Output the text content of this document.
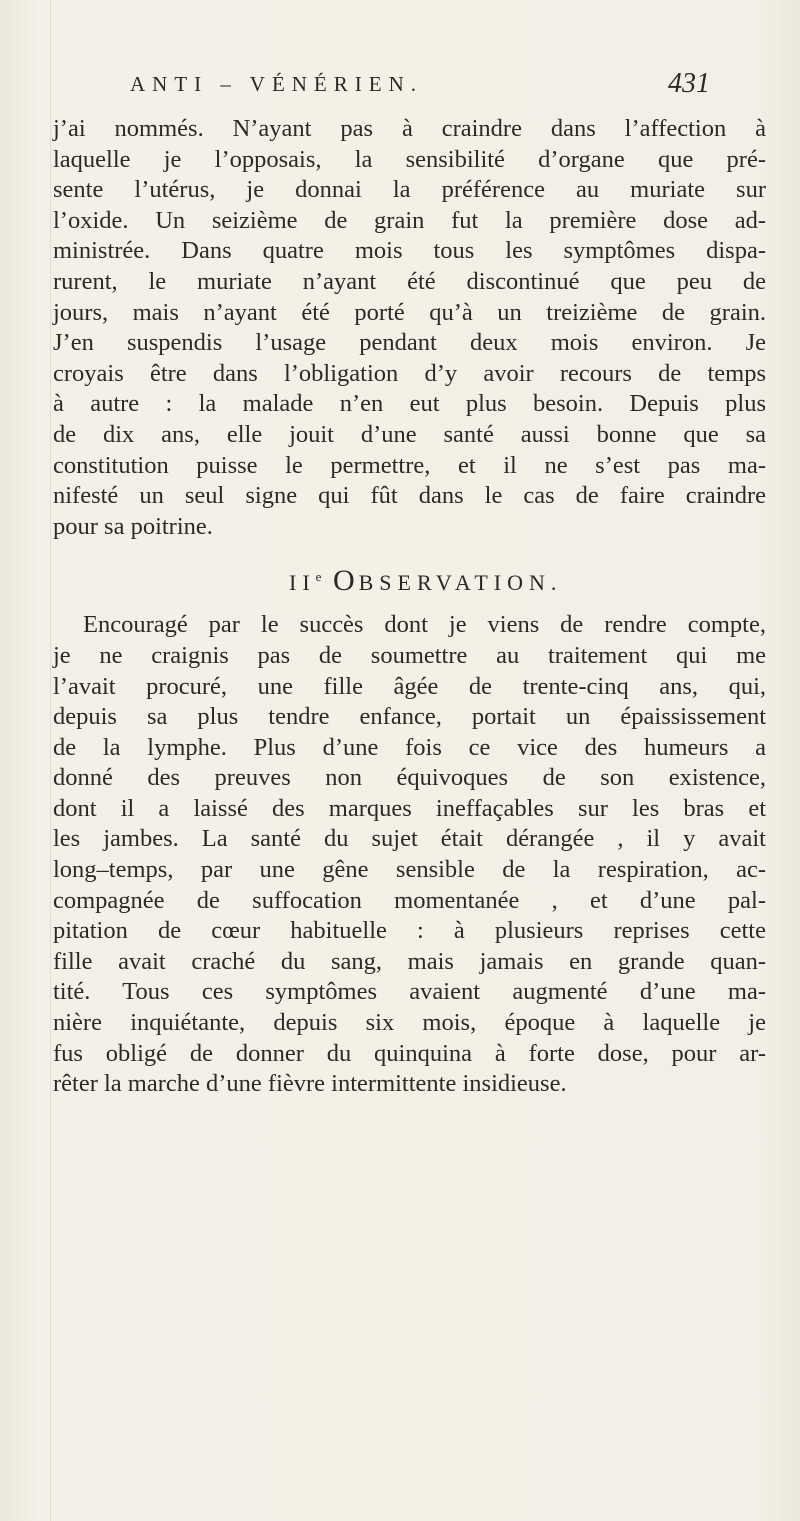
ANTI – VÉNÉRIEN.	431
j’ai nommés. N’ayant pas à craindre dans l’affection à
laquelle je l’opposais, la sensibilité d’organe que pré-
sente l’utérus, je donnai la préférence au muriate sur
l’oxide. Un seizième de grain fut la première dose ad-
ministrée. Dans quatre mois tous les symptômes dispa-
rurent, le muriate n’ayant été discontinué que peu de
jours, mais n’ayant été porté qu’à un treizième de grain.
J’en suspendis l’usage pendant deux mois environ. Je
croyais être dans l’obligation d’y avoir recours de temps
à autre : la malade n’en eut plus besoin. Depuis plus
de dix ans, elle jouit d’une santé aussi bonne que sa
constitution puisse le permettre, et il ne s’est pas ma-
nifesté un seul signe qui fût dans le cas de faire craindre
pour sa poitrine.
IIe OBSERVATION.
Encouragé par le succès dont je viens de rendre compte,
je ne craignis pas de soumettre au traitement qui me
l’avait procuré, une fille âgée de trente-cinq ans, qui,
depuis sa plus tendre enfance, portait un épaississement
de la lymphe. Plus d’une fois ce vice des humeurs a
donné des preuves non équivoques de son existence,
dont il a laissé des marques ineffaçables sur les bras et
les jambes. La santé du sujet était dérangée , il y avait
long–temps, par une gêne sensible de la respiration, ac-
compagnée de suffocation momentanée , et d’une pal-
pitation de cœur habituelle : à plusieurs reprises cette
fille avait craché du sang, mais jamais en grande quan-
tité. Tous ces symptômes avaient augmenté d’une ma-
nière inquiétante, depuis six mois, époque à laquelle je
fus obligé de donner du quinquina à forte dose, pour ar-
rêter la marche d’une fièvre intermittente insidieuse.
